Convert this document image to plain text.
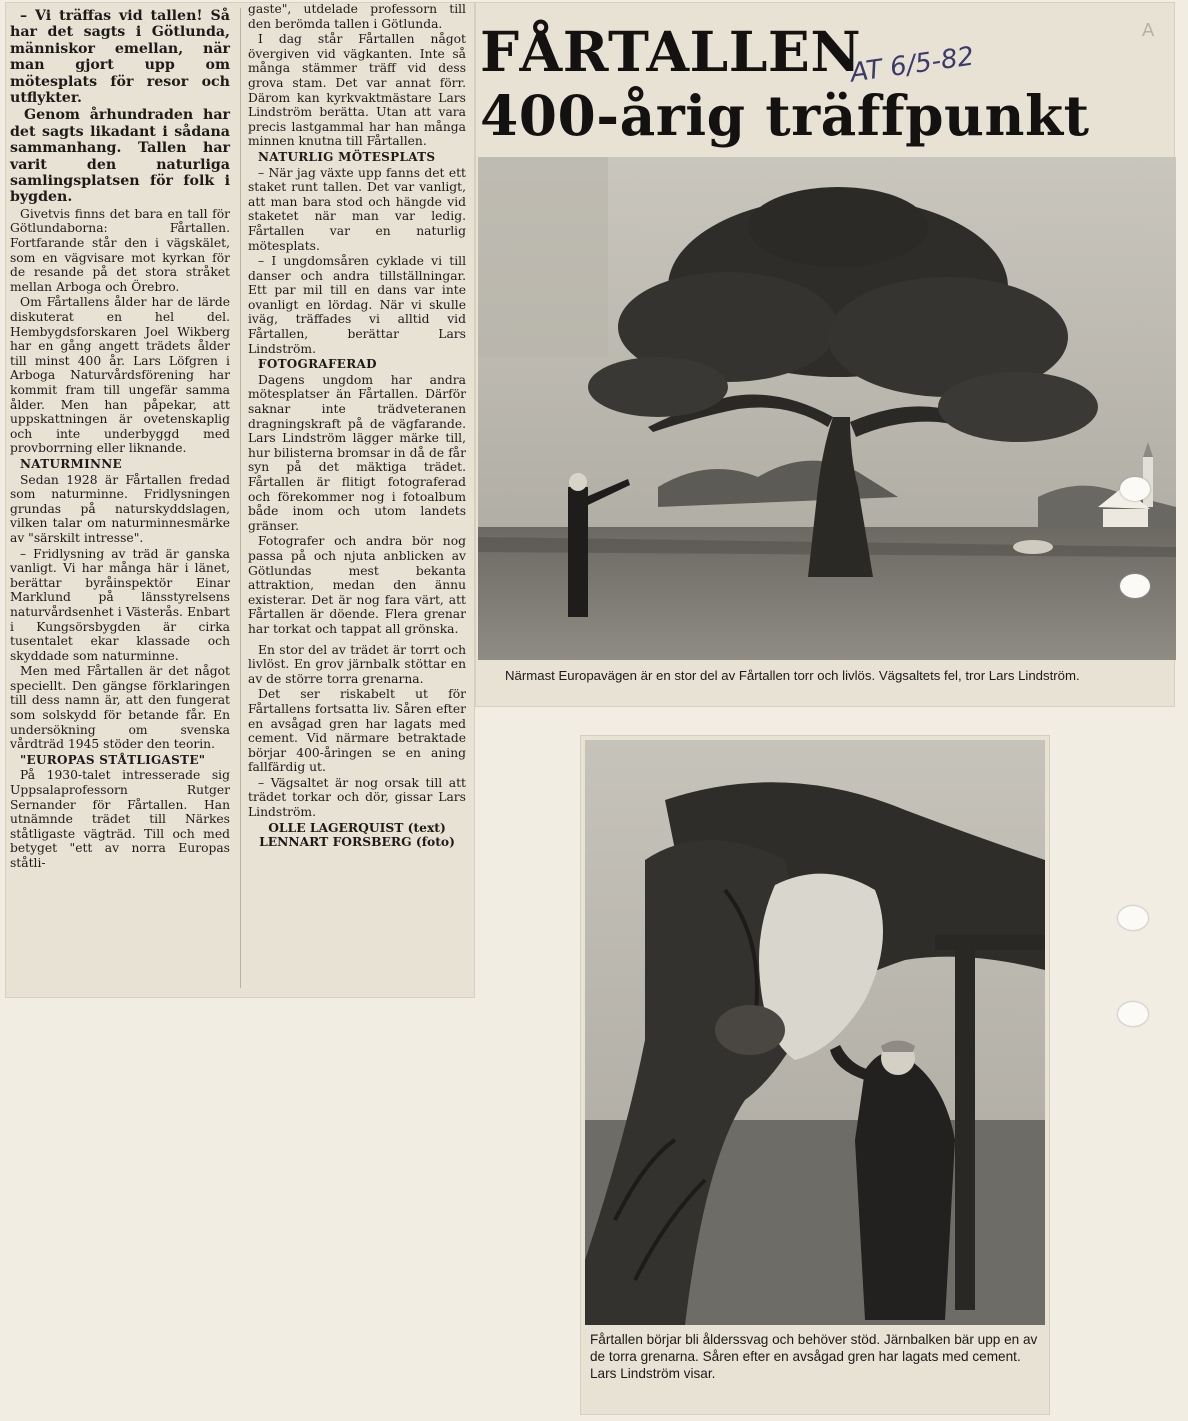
– Vi träffas vid tallen! Så har det sagts i Götlunda, människor emellan, när man gjort upp om mötesplats för resor och utflykter.

Genom århundraden har det sagts likadant i sådana sammanhang. Tallen har varit den naturliga samlingsplatsen för folk i bygden.

Givetvis finns det bara en tall för Götlundaborna: Fårtallen. Fortfarande står den i vägskälet, som en vägvisare mot kyrkan för de resande på det stora stråket mellan Arboga och Örebro.

Om Fårtallens ålder har de lärde diskuterat en hel del. Hembygdsforskaren Joel Wikberg har en gång angett trädets ålder till minst 400 år. Lars Löfgren i Arboga Naturvårdsförening har kommit fram till ungefär samma ålder. Men han påpekar, att uppskattningen är ovetenskaplig och inte underbyggd med provborrning eller liknande.

NATURMINNE

Sedan 1928 är Fårtallen fredad som naturminne. Fridlysningen grundas på naturskyddslagen, vilken talar om naturminnesmärke av "särskilt intresse".

– Fridlysning av träd är ganska vanligt. Vi har många här i länet, berättar byråinspektör Einar Marklund på länsstyrelsens naturvårdsenhet i Västerås. Enbart i Kungsörsbygden är cirka tusentalet ekar klassade och skyddade som naturminne.

Men med Fårtallen är det något speciellt. Den gängse förklaringen till dess namn är, att den fungerat som solskydd för betande får. En undersökning om svenska vårdträd 1945 stöder den teorin.

"EUROPAS STÅTLIGASTE"

På 1930-talet intresserade sig Uppsalaprofessorn Rutger Sernander för Fårtallen. Han utnämnde trädet till Närkes ståtligaste vägträd. Till och med betyget "ett av norra Europas ståtli-

gaste", utdelade professorn till den berömda tallen i Götlunda.

I dag står Fårtallen något övergiven vid vägkanten. Inte så många stämmer träff vid dess grova stam. Det var annat förr. Därom kan kyrkvaktmästare Lars Lindström berätta. Utan att vara precis lastgammal har han många minnen knutna till Fårtallen.

NATURLIG MÖTESPLATS

– När jag växte upp fanns det ett staket runt tallen. Det var vanligt, att man bara stod och hängde vid staketet när man var ledig. Fårtallen var en naturlig mötesplats.

– I ungdomsåren cyklade vi till danser och andra tillställningar. Ett par mil till en dans var inte ovanligt en lördag. När vi skulle iväg, träffades vi alltid vid Fårtallen, berättar Lars Lindström.

FOTOGRAFERAD

Dagens ungdom har andra mötesplatser än Fårtallen. Därför saknar inte trädveteranen dragningskraft på de vägfarande. Lars Lindström lägger märke till, hur bilisterna bromsar in då de får syn på det mäktiga trädet. Fårtallen är flitigt fotograferad och förekommer nog i fotoalbum både inom och utom landets gränser.

Fotografer och andra bör nog passa på och njuta anblicken av Götlundas mest bekanta attraktion, medan den ännu existerar. Det är nog fara värt, att Fårtallen är döende. Flera grenar har torkat och tappat all grönska.

En stor del av trädet är torrt och livlöst. En grov järnbalk stöttar en av de större torra grenarna.

Det ser riskabelt ut för Fårtallens fortsatta liv. Såren efter en avsågad gren har lagats med cement. Vid närmare betraktade börjar 400-åringen se en aning fallfärdig ut.

– Vägsaltet är nog orsak till att trädet torkar och dör, gissar Lars Lindström.

OLLE LAGERQUIST (text)
LENNART FORSBERG (foto)
FÅRTALLEN
400-årig träffpunkt
AT 6/5-82
A
Närmast Europavägen är en stor del av Fårtallen torr och livlös. Vägsaltets fel, tror Lars Lindström.
Fårtallen börjar bli ålderssvag och behöver stöd. Järnbalken bär upp en av de torra grenarna. Såren efter en avsågad gren har lagats med cement. Lars Lindström visar.
